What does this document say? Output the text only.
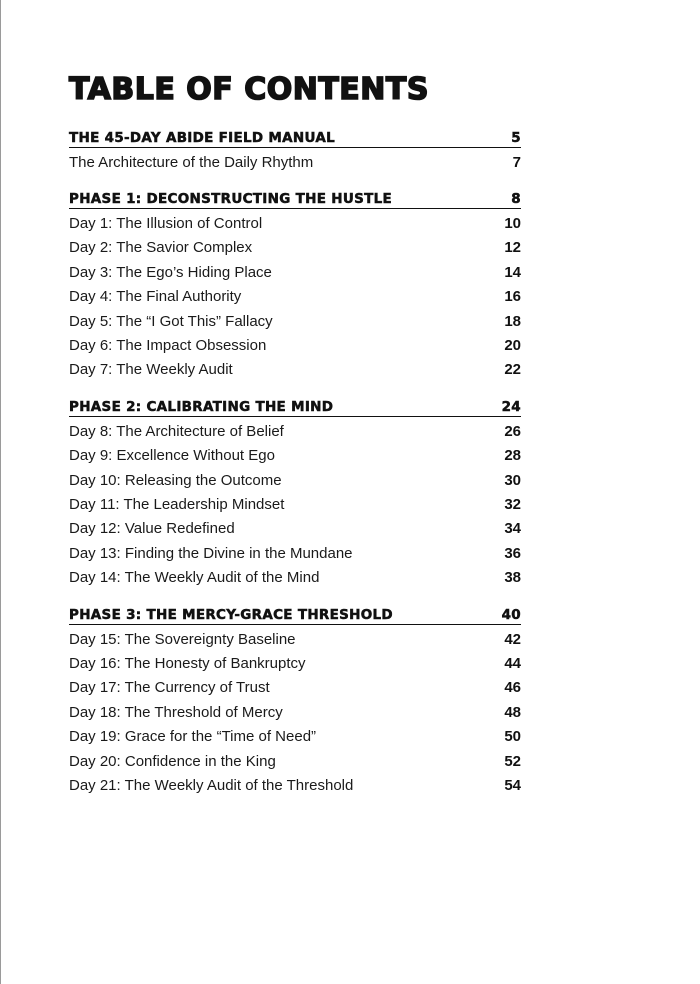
TABLE OF CONTENTS
THE 45-DAY ABIDE FIELD MANUAL	5
The Architecture of the Daily Rhythm	7
PHASE 1: DECONSTRUCTING THE HUSTLE	8
Day 1: The Illusion of Control	10
Day 2: The Savior Complex	12
Day 3: The Ego’s Hiding Place	14
Day 4: The Final Authority	16
Day 5: The “I Got This” Fallacy	18
Day 6: The Impact Obsession	20
Day 7: The Weekly Audit	22
PHASE 2: CALIBRATING THE MIND	24
Day 8: The Architecture of Belief	26
Day 9: Excellence Without Ego	28
Day 10: Releasing the Outcome	30
Day 11: The Leadership Mindset	32
Day 12: Value Redefined	34
Day 13: Finding the Divine in the Mundane	36
Day 14: The Weekly Audit of the Mind	38
PHASE 3: THE MERCY-GRACE THRESHOLD	40
Day 15: The Sovereignty Baseline	42
Day 16: The Honesty of Bankruptcy	44
Day 17: The Currency of Trust	46
Day 18: The Threshold of Mercy	48
Day 19: Grace for the “Time of Need”	50
Day 20: Confidence in the King	52
Day 21: The Weekly Audit of the Threshold	54
